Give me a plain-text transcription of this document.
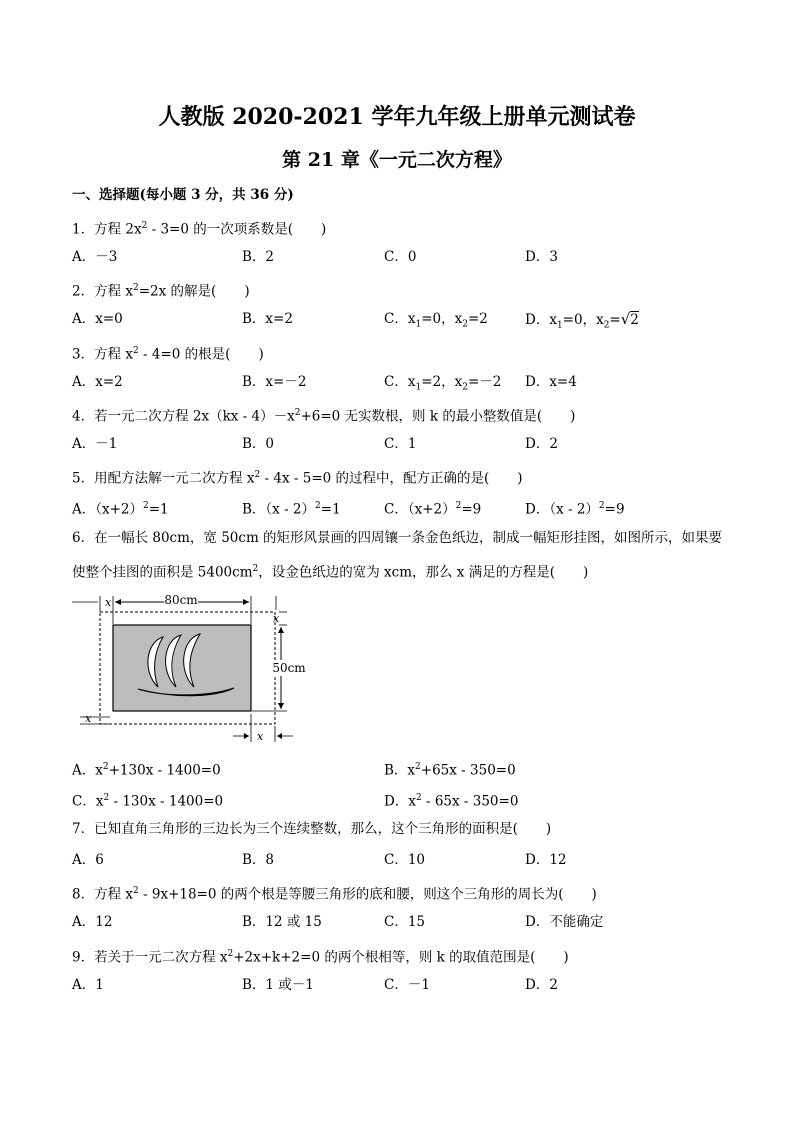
人教版 2020-2021 学年九年级上册单元测试卷
第 21 章《一元二次方程》
一、选择题(每小题 3 分，共 36 分)
1．方程 $2x^2 - 3=0$ 的一次项系数是( )
A．－3	B．2	C．0	D．3
2．方程 $x^2=2x$ 的解是( )
A．x=0	B．x=2	C．$x_1=0$，$x_2=2$	D．$x_1=0$，$x_2=√2$
3．方程 $x^2 - 4=0$ 的根是( )
A．x=2	B．x=－2	C．$x_1=2$，$x_2=-2$ D．x=4
4．若一元二次方程 $2x(kx - 4)-x^2+6=0$ 无实数根，则 k 的最小整数值是( )
A．－1	B．0	C．1	D．2
5．用配方法解一元二次方程 $x^2 - 4x - 5=0$ 的过程中，配方正确的是( )
A．$(x+2)^2=1$	B．（x - 2）$^2$=1	C．$(x+2)^2=9$	D．（x - 2）$^2$=9
6．在一幅长 80cm，宽 50cm 的矩形风景画的四周镶一条金色纸边，制成一幅矩形挂图，如图所示，如果要
使整个挂图的面积是 $5400cm^2$，设金色纸边的宽为 xcm，那么 x 满足的方程是( )
80cm
x
x
50cm
x
x
A．$x^2+130x - 1400=0$	B．$x^2+65x - 350=0$
C．$x^2 - 130x - 1400=0$	D．$x^2 - 65x - 350=0$
7．已知直角三角形的三边长为三个连续整数，那么，这个三角形的面积是( )
A．6	B．8	C．10	D．12
8．方程 $x^2 - 9x+18=0$ 的两个根是等腰三角形的底和腰，则这个三角形的周长为( )
A．12	B．12 或 15	C．15	D．不能确定
9．若关于一元二次方程 $x^2+2x+k+2=0$ 的两个根相等，则 k 的取值范围是( )
A．1	B．1 或－1	C．－1	D．2
